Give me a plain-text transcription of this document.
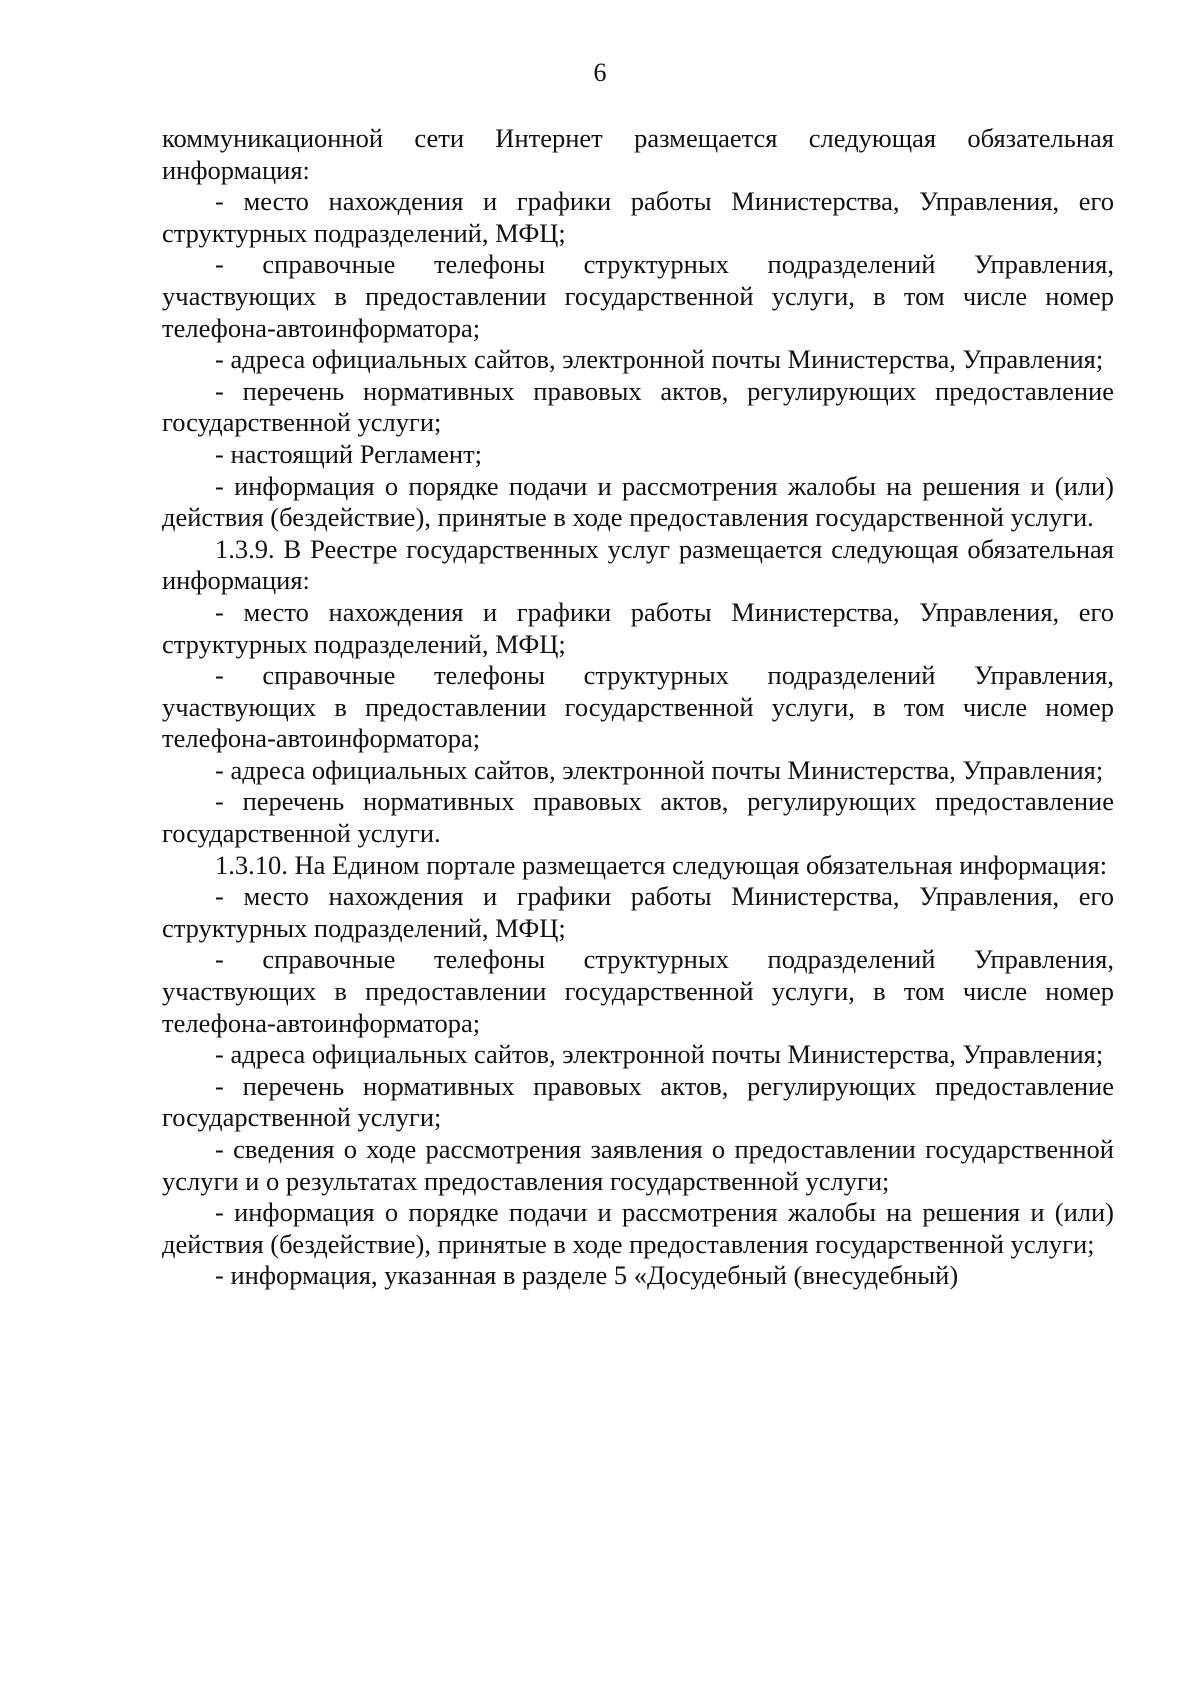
6

коммуникационной сети Интернет размещается следующая обязательная информация:

- место нахождения и графики работы Министерства, Управления, его структурных подразделений, МФЦ;

- справочные телефоны структурных подразделений Управления, участвующих в предоставлении государственной услуги, в том числе номер телефона-автоинформатора;

- адреса официальных сайтов, электронной почты Министерства, Управления;

- перечень нормативных правовых актов, регулирующих предоставление государственной услуги;

- настоящий Регламент;

- информация о порядке подачи и рассмотрения жалобы на решения и (или) действия (бездействие), принятые в ходе предоставления государственной услуги.

1.3.9. В Реестре государственных услуг размещается следующая обязательная информация:

- место нахождения и графики работы Министерства, Управления, его структурных подразделений, МФЦ;

- справочные телефоны структурных подразделений Управления, участвующих в предоставлении государственной услуги, в том числе номер телефона-автоинформатора;

- адреса официальных сайтов, электронной почты Министерства, Управления;

- перечень нормативных правовых актов, регулирующих предоставление государственной услуги.

1.3.10. На Едином портале размещается следующая обязательная информация:

- место нахождения и графики работы Министерства, Управления, его структурных подразделений, МФЦ;

- справочные телефоны структурных подразделений Управления, участвующих в предоставлении государственной услуги, в том числе номер телефона-автоинформатора;

- адреса официальных сайтов, электронной почты Министерства, Управления;

- перечень нормативных правовых актов, регулирующих предоставление государственной услуги;

- сведения о ходе рассмотрения заявления о предоставлении государственной услуги и о результатах предоставления государственной услуги;

- информация о порядке подачи и рассмотрения жалобы на решения и (или) действия (бездействие), принятые в ходе предоставления государственной услуги;

- информация, указанная в разделе 5 «Досудебный (внесудебный)
